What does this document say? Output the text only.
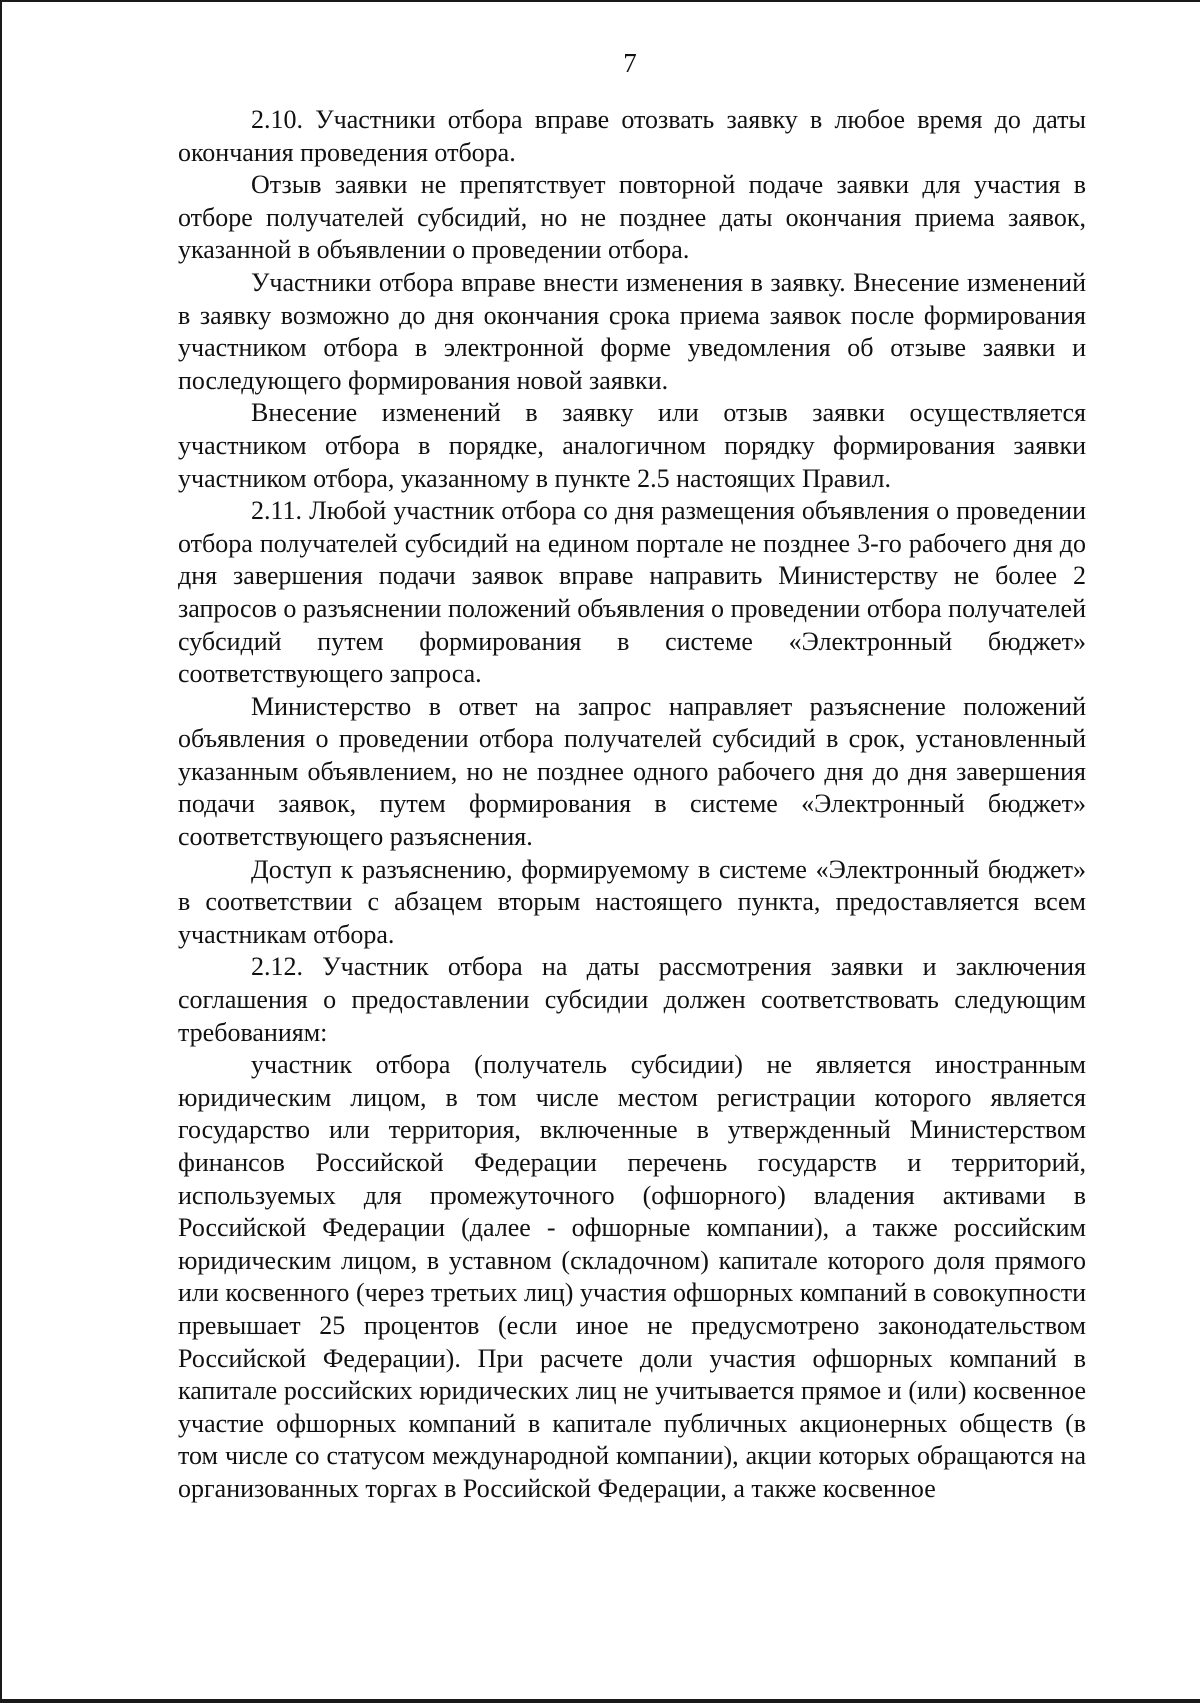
7

2.10. Участники отбора вправе отозвать заявку в любое время до даты окончания проведения отбора.

Отзыв заявки не препятствует повторной подаче заявки для участия в отборе получателей субсидий, но не позднее даты окончания приема заявок, указанной в объявлении о проведении отбора.

Участники отбора вправе внести изменения в заявку. Внесение изменений в заявку возможно до дня окончания срока приема заявок после формирования участником отбора в электронной форме уведомления об отзыве заявки и последующего формирования новой заявки.

Внесение изменений в заявку или отзыв заявки осуществляется участником отбора в порядке, аналогичном порядку формирования заявки участником отбора, указанному в пункте 2.5 настоящих Правил.

2.11. Любой участник отбора со дня размещения объявления о проведении отбора получателей субсидий на едином портале не позднее 3-го рабочего дня до дня завершения подачи заявок вправе направить Министерству не более 2 запросов о разъяснении положений объявления о проведении отбора получателей субсидий путем формирования в системе «Электронный бюджет» соответствующего запроса.

Министерство в ответ на запрос направляет разъяснение положений объявления о проведении отбора получателей субсидий в срок, установленный указанным объявлением, но не позднее одного рабочего дня до дня завершения подачи заявок, путем формирования в системе «Электронный бюджет» соответствующего разъяснения.

Доступ к разъяснению, формируемому в системе «Электронный бюджет» в соответствии с абзацем вторым настоящего пункта, предоставляется всем участникам отбора.

2.12. Участник отбора на даты рассмотрения заявки и заключения соглашения о предоставлении субсидии должен соответствовать следующим требованиям:

участник отбора (получатель субсидии) не является иностранным юридическим лицом, в том числе местом регистрации которого является государство или территория, включенные в утвержденный Министерством финансов Российской Федерации перечень государств и территорий, используемых для промежуточного (офшорного) владения активами в Российской Федерации (далее - офшорные компании), а также российским юридическим лицом, в уставном (складочном) капитале которого доля прямого или косвенного (через третьих лиц) участия офшорных компаний в совокупности превышает 25 процентов (если иное не предусмотрено законодательством Российской Федерации). При расчете доли участия офшорных компаний в капитале российских юридических лиц не учитывается прямое и (или) косвенное участие офшорных компаний в капитале публичных акционерных обществ (в том числе со статусом международной компании), акции которых обращаются на организованных торгах в Российской Федерации, а также косвенное
